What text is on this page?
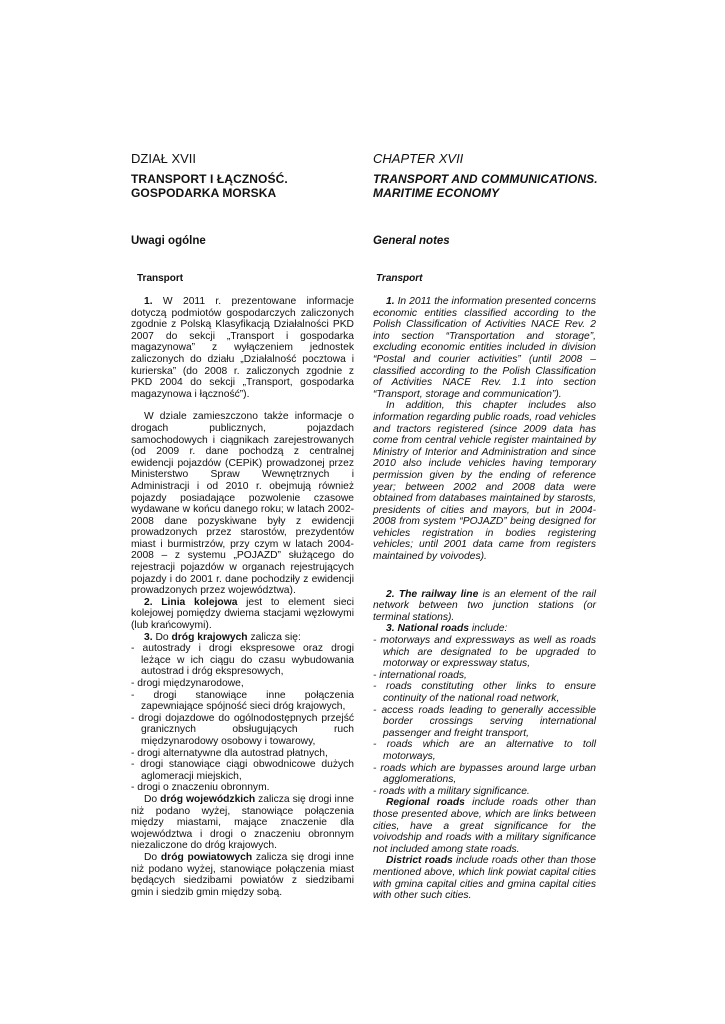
DZIAŁ XVII
TRANSPORT I ŁĄCZNOŚĆ.
GOSPODARKA MORSKA
Uwagi ogólne
Transport
CHAPTER XVII
TRANSPORT AND COMMUNICATIONS.
MARITIME ECONOMY
General notes
Transport

1. W 2011 r. prezentowane informacje dotyczą podmiotów gospodarczych zaliczonych zgodnie z Polską Klasyfikacją Działalności PKD 2007 do sekcji „Transport i gospodarka magazynowa” z wyłączeniem jednostek zaliczonych do działu „Działalność pocztowa i kurierska” (do 2008 r. zaliczonych zgodnie z PKD 2004 do sekcji „Transport, gospodarka magazynowa i łączność”).

W dziale zamieszczono także informacje o drogach publicznych, pojazdach samochodowych i ciągnikach zarejestrowanych (od 2009 r. dane pochodzą z centralnej ewidencji pojazdów (CEPiK) prowadzonej przez Ministerstwo Spraw Wewnętrznych i Administracji i od 2010 r. obejmują również pojazdy posiadające pozwolenie czasowe wydawane w końcu danego roku; w latach 2002-2008 dane pozyskiwane były z ewidencji prowadzonych przez starostów, prezydentów miast i burmistrzów, przy czym w latach 2004-2008 – z systemu „POJAZD” służącego do rejestracji pojazdów w organach rejestrujących pojazdy i do 2001 r. dane pochodziły z ewidencji prowadzonych przez województwa).

2. Linia kolejowa jest to element sieci kolejowej pomiędzy dwiema stacjami węzłowymi (lub krańcowymi).

3. Do dróg krajowych zalicza się:

- autostrady i drogi ekspresowe oraz drogi leżące w ich ciągu do czasu wybudowania autostrad i dróg ekspresowych,
- drogi międzynarodowe,
- drogi stanowiące inne połączenia zapewniające spójność sieci dróg krajowych,
- drogi dojazdowe do ogólnodostępnych przejść granicznych obsługujących ruch międzynarodowy osobowy i towarowy,
- drogi alternatywne dla autostrad płatnych,
- drogi stanowiące ciągi obwodnicowe dużych aglomeracji miejskich,
- drogi o znaczeniu obronnym.

Do dróg wojewódzkich zalicza się drogi inne niż podano wyżej, stanowiące połączenia między miastami, mające znaczenie dla województwa i drogi o znaczeniu obronnym niezaliczone do dróg krajowych.

Do dróg powiatowych zalicza się drogi inne niż podano wyżej, stanowiące połączenia miast będących siedzibami powiatów z siedzibami gmin i siedzib gmin między sobą.

1. In 2011 the information presented concerns economic entities classified according to the Polish Classification of Activities NACE Rev. 2 into section “Transportation and storage”, excluding economic entities included in division “Postal and courier activities” (until 2008 – classified according to the Polish Classification of Activities NACE Rev. 1.1 into section “Transport, storage and communication”).

In addition, this chapter includes also information regarding public roads, road vehicles and tractors registered (since 2009 data has come from central vehicle register maintained by Ministry of Interior and Administration and since 2010 also include vehicles having temporary permission given by the ending of reference year; between 2002 and 2008 data were obtained from databases maintained by starosts, presidents of cities and mayors, but in 2004-2008 from system “POJAZD” being designed for vehicles registration in bodies registering vehicles; until 2001 data came from registers maintained by voivodes).

2. The railway line is an element of the rail network between two junction stations (or terminal stations).

3. National roads include:

- motorways and expressways as well as roads which are designated to be upgraded to motorway or expressway status,
- international roads,
- roads constituting other links to ensure continuity of the national road network,
- access roads leading to generally accessible border crossings serving international passenger and freight transport,
- roads which are an alternative to toll motorways,
- roads which are bypasses around large urban agglomerations,
- roads with a military significance.

Regional roads include roads other than those presented above, which are links between cities, have a great significance for the voivodship and roads with a military significance not included among state roads.

District roads include roads other than those mentioned above, which link powiat capital cities with gmina capital cities and gmina capital cities with other such cities.
